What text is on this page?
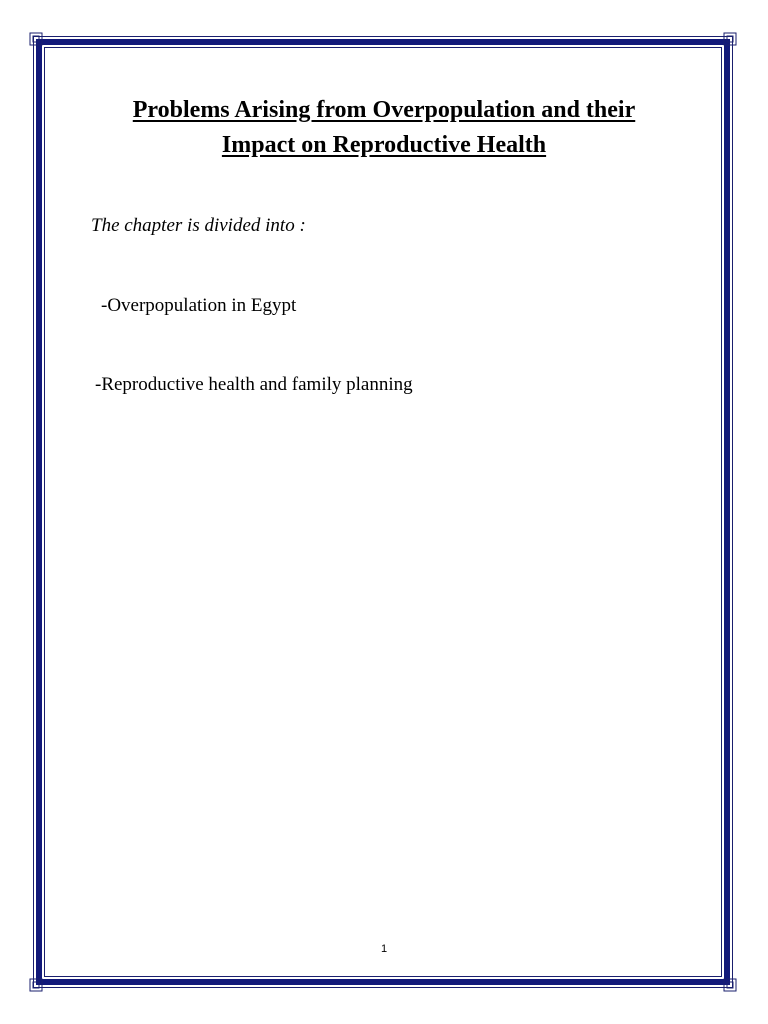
Problems Arising from Overpopulation and their
Impact on Reproductive Health
The chapter is divided into :
-Overpopulation in Egypt
-Reproductive health and family planning
1
